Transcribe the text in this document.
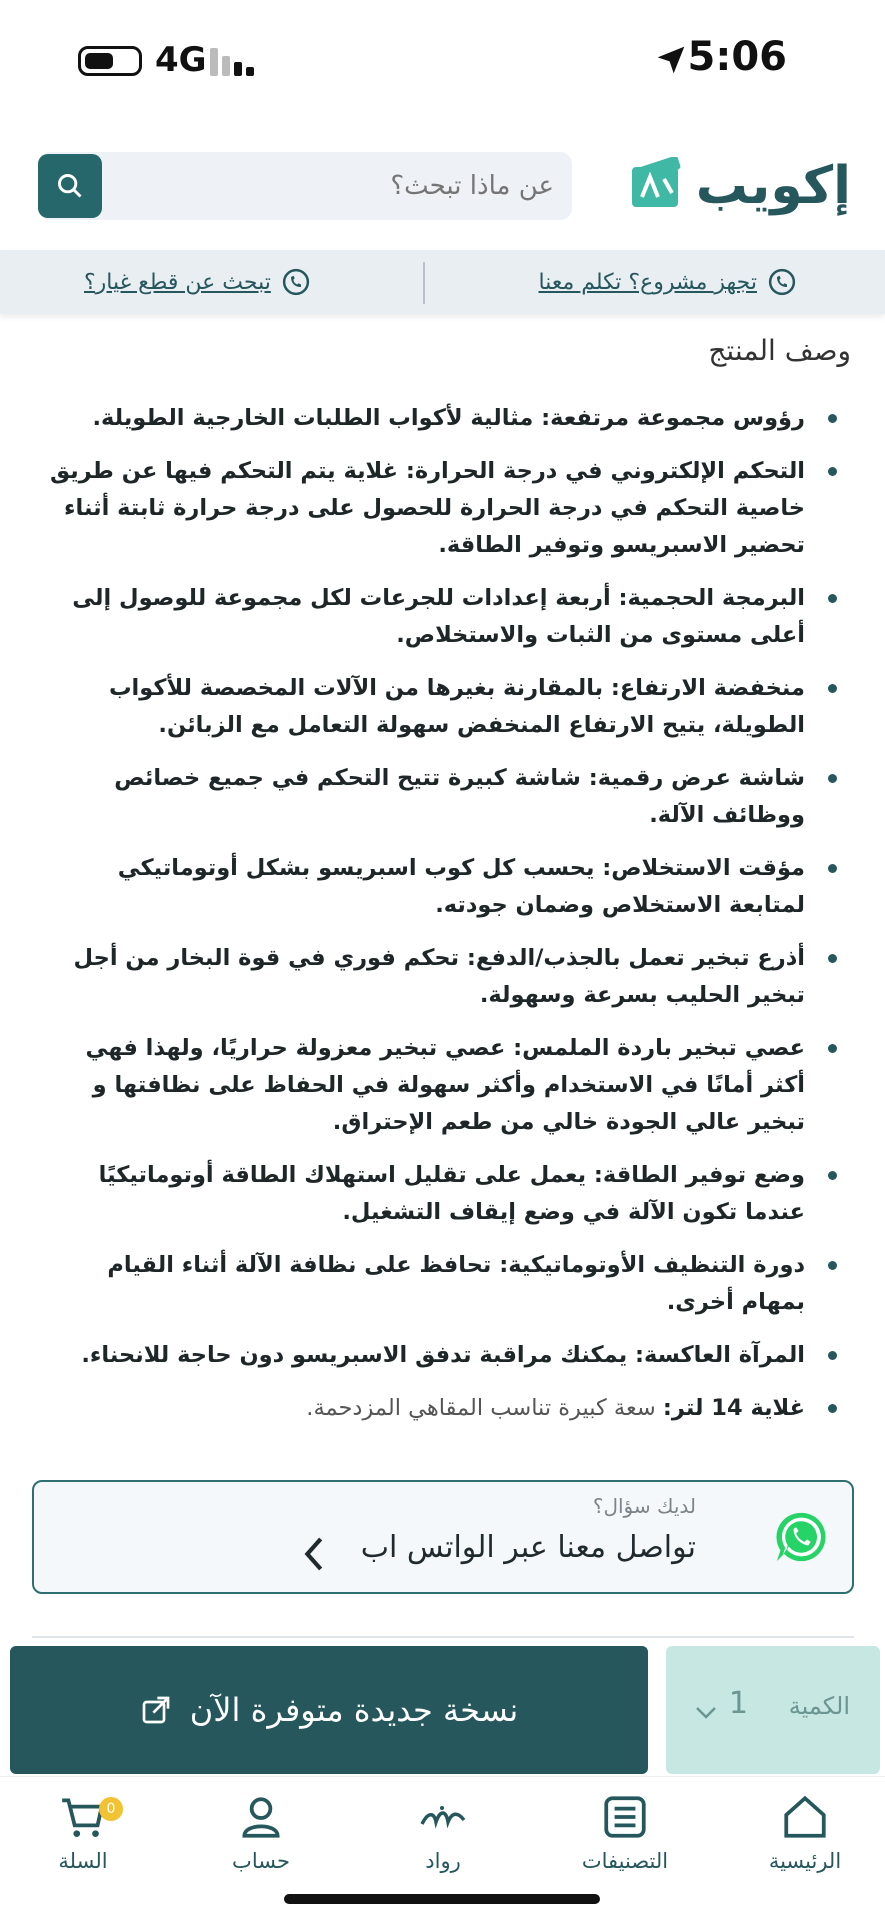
4G	5:06
إكويب
عن ماذا تبحث؟
تجهز مشروع؟ تكلم معنا
تبحث عن قطع غيار؟
وصف المنتج
رؤوس مجموعة مرتفعة: مثالية لأكواب الطلبات الخارجية الطويلة.
التحكم الإلكتروني في درجة الحرارة: غلاية يتم التحكم فيها عن طريق خاصية التحكم في درجة الحرارة للحصول على درجة حرارة ثابتة أثناء تحضير الاسبريسو وتوفير الطاقة.
البرمجة الحجمية: أربعة إعدادات للجرعات لكل مجموعة للوصول إلى أعلى مستوى من الثبات والاستخلاص.
منخفضة الارتفاع: بالمقارنة بغيرها من الآلات المخصصة للأكواب الطويلة، يتيح الارتفاع المنخفض سهولة التعامل مع الزبائن.
شاشة عرض رقمية: شاشة كبيرة تتيح التحكم في جميع خصائص ووظائف الآلة.
مؤقت الاستخلاص: يحسب كل كوب اسبريسو بشكل أوتوماتيكي لمتابعة الاستخلاص وضمان جودته.
أذرع تبخير تعمل بالجذب/الدفع: تحكم فوري في قوة البخار من أجل تبخير الحليب بسرعة وسهولة.
عصي تبخير باردة الملمس: عصي تبخير معزولة حراريًا، ولهذا فهي أكثر أمانًا في الاستخدام وأكثر سهولة في الحفاظ على نظافتها و تبخير عالي الجودة خالي من طعم الإحتراق.
وضع توفير الطاقة: يعمل على تقليل استهلاك الطاقة أوتوماتيكيًا عندما تكون الآلة في وضع إيقاف التشغيل.
دورة التنظيف الأوتوماتيكية: تحافظ على نظافة الآلة أثناء القيام بمهام أخرى.
المرآة العاكسة: يمكنك مراقبة تدفق الاسبريسو دون حاجة للانحناء.
غلاية 14 لتر: سعة كبيرة تناسب المقاهي المزدحمة.
لديك سؤال؟
تواصل معنا عبر الواتس اب
الكمية
1
نسخة جديدة متوفرة الآن
الرئيسية
التصنيفات
رواد
حساب
0
السلة
